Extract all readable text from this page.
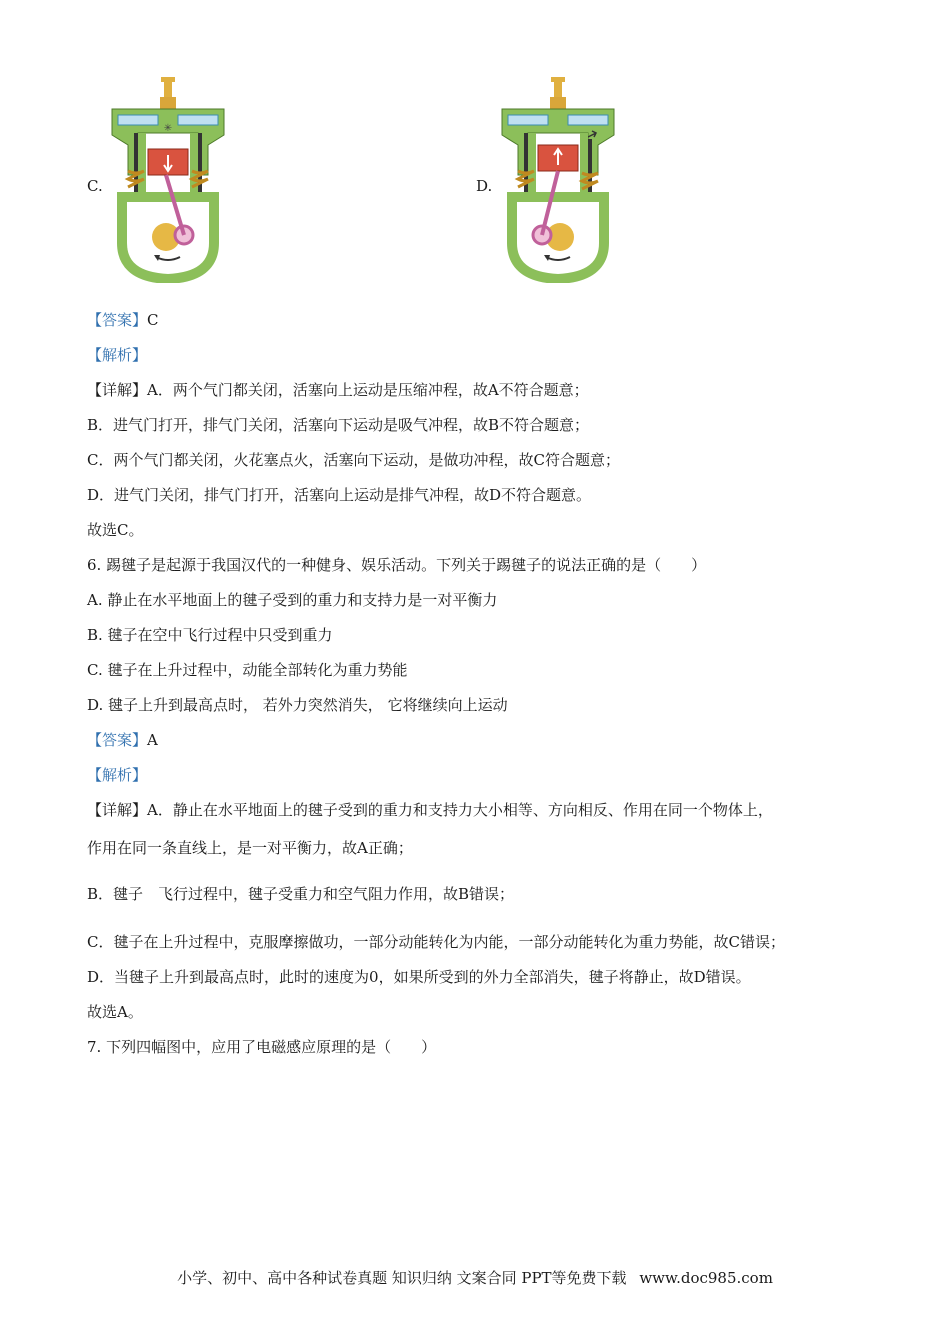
C.
✳
D.
【答案】C
【解析】
【详解】A．两个气门都关闭，活塞向上运动是压缩冲程，故A不符合题意；
B．进气门打开，排气门关闭，活塞向下运动是吸气冲程，故B不符合题意；
C．两个气门都关闭，火花塞点火，活塞向下运动，是做功冲程，故C符合题意；
D．进气门关闭，排气门打开，活塞向上运动是排气冲程，故D不符合题意。
故选C。
6. 踢毽子是起源于我国汉代的一种健身、娱乐活动。下列关于踢毽子的说法正确的是（　　）
A. 静止在水平地面上的毽子受到的重力和支持力是一对平衡力
B. 毽子在空中飞行过程中只受到重力
C. 毽子在上升过程中，动能全部转化为重力势能
D. 毽子上升到最高点时， 若外力突然消失， 它将继续向上运动
【答案】A
【解析】
【详解】A．静止在水平地面上的毽子受到的重力和支持力大小相等、方向相反、作用在同一个物体上，
作用在同一条直线上，是一对平衡力，故A正确；
B．毽子　飞行过程中，毽子受重力和空气阻力作用，故B错误；
C．毽子在上升过程中，克服摩擦做功，一部分动能转化为内能，一部分动能转化为重力势能，故C错误；
D．当毽子上升到最高点时，此时的速度为0，如果所受到的外力全部消失，毽子将静止，故D错误。
故选A。
7. 下列四幅图中，应用了电磁感应原理的是（　　）
小学、初中、高中各种试卷真题 知识归纳 文案合同 PPT等免费下载 www.doc985.com
